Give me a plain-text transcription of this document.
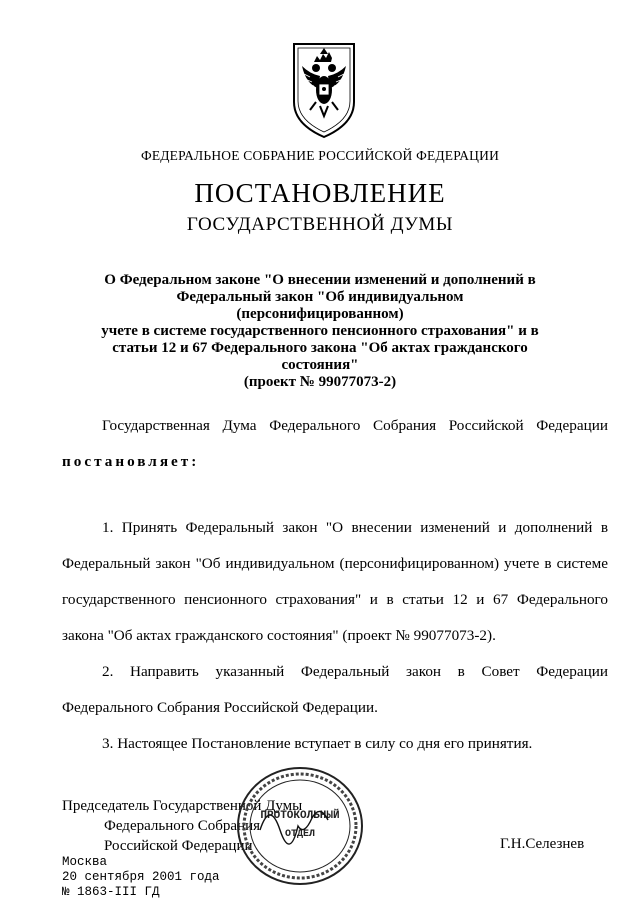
ФЕДЕРАЛЬНОЕ СОБРАНИЕ РОССИЙСКОЙ ФЕДЕРАЦИИ
ПОСТАНОВЛЕНИЕ
ГОСУДАРСТВЕННОЙ ДУМЫ
О Федеральном законе "О внесении изменений и дополнений в
Федеральный закон "Об индивидуальном (персонифицированном)
учете в системе государственного пенсионного страхования" и в
статьи 12 и 67 Федерального закона "Об актах гражданского
состояния"
(проект № 99077073-2)
Государственная Дума Федерального Собрания Российской Федерации постановляет:
1. Принять Федеральный закон "О внесении изменений и дополнений в Федеральный закон "Об индивидуальном (персонифицированном) учете в системе государственного пенсионного страхования" и в статьи 12 и 67 Федерального закона "Об актах гражданского состояния" (проект № 99077073-2).
2. Направить указанный Федеральный закон в Совет Федерации Федерального Собрания Российской Федерации.
3. Настоящее Постановление вступает в силу со дня его принятия.
Председатель Государственной Думы
Федерального Собрания
Российской Федерации	Г.Н.Селезнев
ПРОТОКОЛЬНЫЙ
ОТДЕЛ
Москва
20 сентября 2001 года
№ 1863-III ГД
